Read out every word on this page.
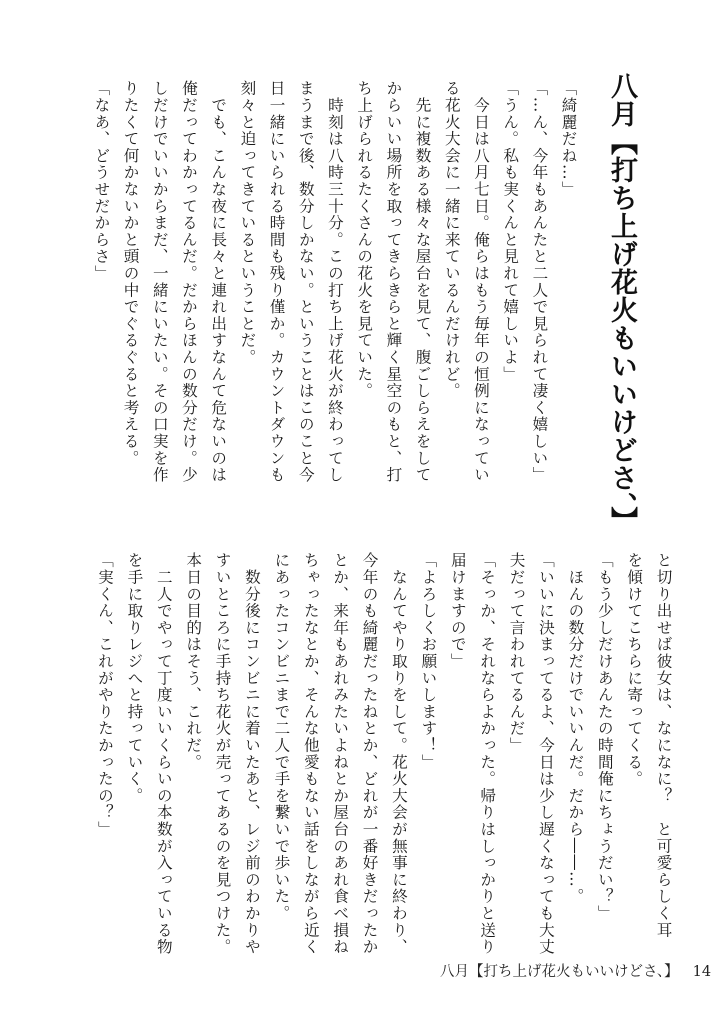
八月【打ち上げ花火もいいけどさ、】
「綺麗だね…」
「…ん、今年もあんたと二人で見られて凄く嬉しい」
「うん。私も実くんと見れて嬉しいよ」
　今日は八月七日。俺らはもう毎年の恒例になってい
る花火大会に一緒に来ているんだけれど。
　先に複数ある様々な屋台を見て、腹ごしらえをして
からいい場所を取ってきらきらと輝く星空のもと、打
ち上げられるたくさんの花火を見ていた。
　時刻は八時三十分。この打ち上げ花火が終わってし
まうまで後、数分しかない。ということはこのこと今
日一緒にいられる時間も残り僅か。カウントダウンも
刻々と迫ってきているということだ。
　でも、こんな夜に長々と連れ出すなんて危ないのは
俺だってわかってるんだ。だからほんの数分だけ。少
しだけでいいからまだ、一緒にいたい。その口実を作
りたくて何かないかと頭の中でぐるぐると考える。
「なあ、どうせだからさ」
と切り出せば彼女は、なになに？　と可愛らしく耳
を傾けてこちらに寄ってくる。
「もう少しだけあんたの時間俺にちょうだい？」
　ほんの数分だけでいいんだ。だから――…。
「いいに決まってるよ、今日は少し遅くなっても大丈
夫だって言われてるんだ」
「そっか、それならよかった。帰りはしっかりと送り
届けますので」
「よろしくお願いします！」
　なんてやり取りをして。花火大会が無事に終わり、
今年のも綺麗だったねとか、どれが一番好きだったか
とか、来年もあれみたいよねとか屋台のあれ食べ損ね
ちゃったなとか、そんな他愛もない話をしながら近く
にあったコンビニまで二人で手を繋いで歩いた。
　数分後にコンビニに着いたあと、レジ前のわかりや
すいところに手持ち花火が売ってあるのを見つけた。
本日の目的はそう、これだ。
　二人でやって丁度いいくらいの本数が入っている物
を手に取りレジへと持っていく。
「実くん、これがやりたかったの？」
八月【打ち上げ花火もいいけどさ、】 14
